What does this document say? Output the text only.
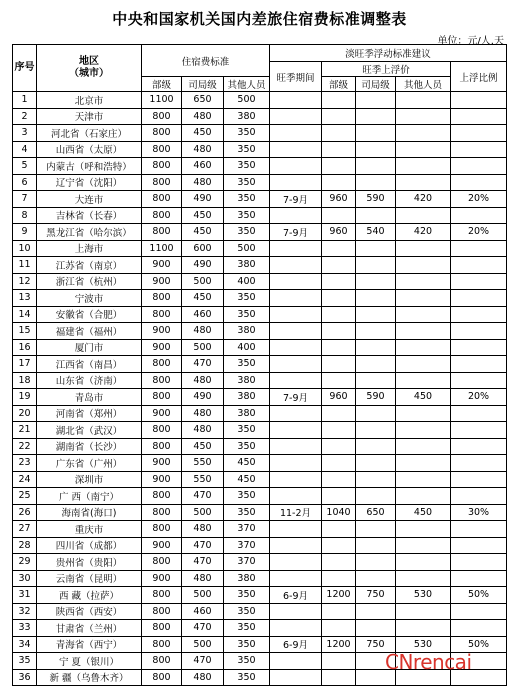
中央和国家机关国内差旅住宿费标准调整表
单位：元/人.天
序号	地区
（城市）	住宿费标准			淡旺季浮动标准建议				
					旺季期间	旺季上浮价			上浮比例
		部级	司局级	其他人员		部级	司局级	其他人员	
1	北京市	1100	650	500					
2	天津市	800	480	380					
3	河北省（石家庄）	800	450	350					
4	山西省（太原）	800	480	350					
5	内蒙古（呼和浩特）	800	460	350					
6	辽宁省（沈阳）	800	480	350					
7	大连市	800	490	350	7-9月	960	590	420	20%
8	吉林省（长春）	800	450	350					
9	黑龙江省（哈尔滨）	800	450	350	7-9月	960	540	420	20%
10	上海市	1100	600	500					
11	江苏省（南京）	900	490	380					
12	浙江省（杭州）	900	500	400					
13	宁波市	800	450	350					
14	安徽省（合肥）	800	460	350					
15	福建省（福州）	900	480	380					
16	厦门市	900	500	400					
17	江西省（南昌）	800	470	350					
18	山东省（济南）	800	480	380					
19	青岛市	800	490	380	7-9月	960	590	450	20%
20	河南省（郑州）	900	480	380					
21	湖北省（武汉）	800	480	350					
22	湖南省（长沙）	800	450	350					
23	广东省（广州）	900	550	450					
24	深圳市	900	550	450					
25	广 西（南宁）	800	470	350					
26	海南省(海口)	800	500	350	11-2月	1040	650	450	30%
27	重庆市	800	480	370					
28	四川省（成都）	900	470	370					
29	贵州省（贵阳）	800	470	370					
30	云南省（昆明）	900	480	380					
31	西 藏（拉萨）	800	500	350	6-9月	1200	750	530	50%
32	陕西省（西安）	800	460	350					
33	甘肃省（兰州）	800	470	350					
34	青海省（西宁）	800	500	350	6-9月	1200	750	530	50%
35	宁 夏（银川）	800	470	350					
36	新 疆（乌鲁木齐）	800	480	350					
CNrencai
